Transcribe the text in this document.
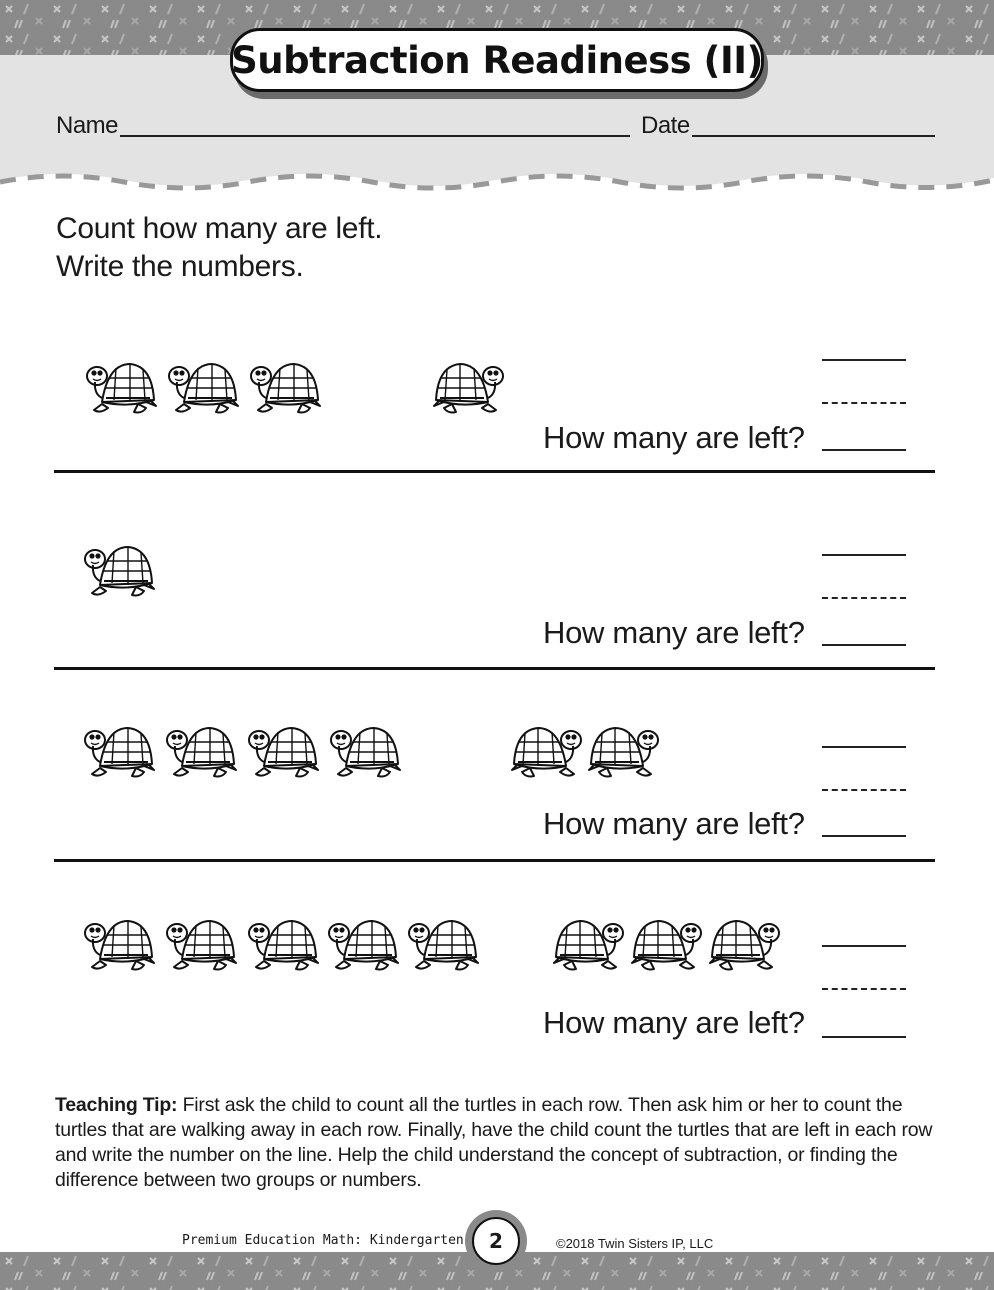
Subtraction Readiness (II)
Name	Date
Count how many are left.
Write the numbers.
How many are left?
How many are left?
How many are left?
How many are left?
Teaching Tip: First ask the child to count all the turtles in each row. Then ask him or her to count the turtles that are walking away in each row. Finally, have the child count the turtles that are left in each row and write the number on the line. Help the child understand the concept of subtraction, or finding the difference between two groups or numbers.
Premium Education Math: Kindergarten	2	©2018 Twin Sisters IP, LLC
